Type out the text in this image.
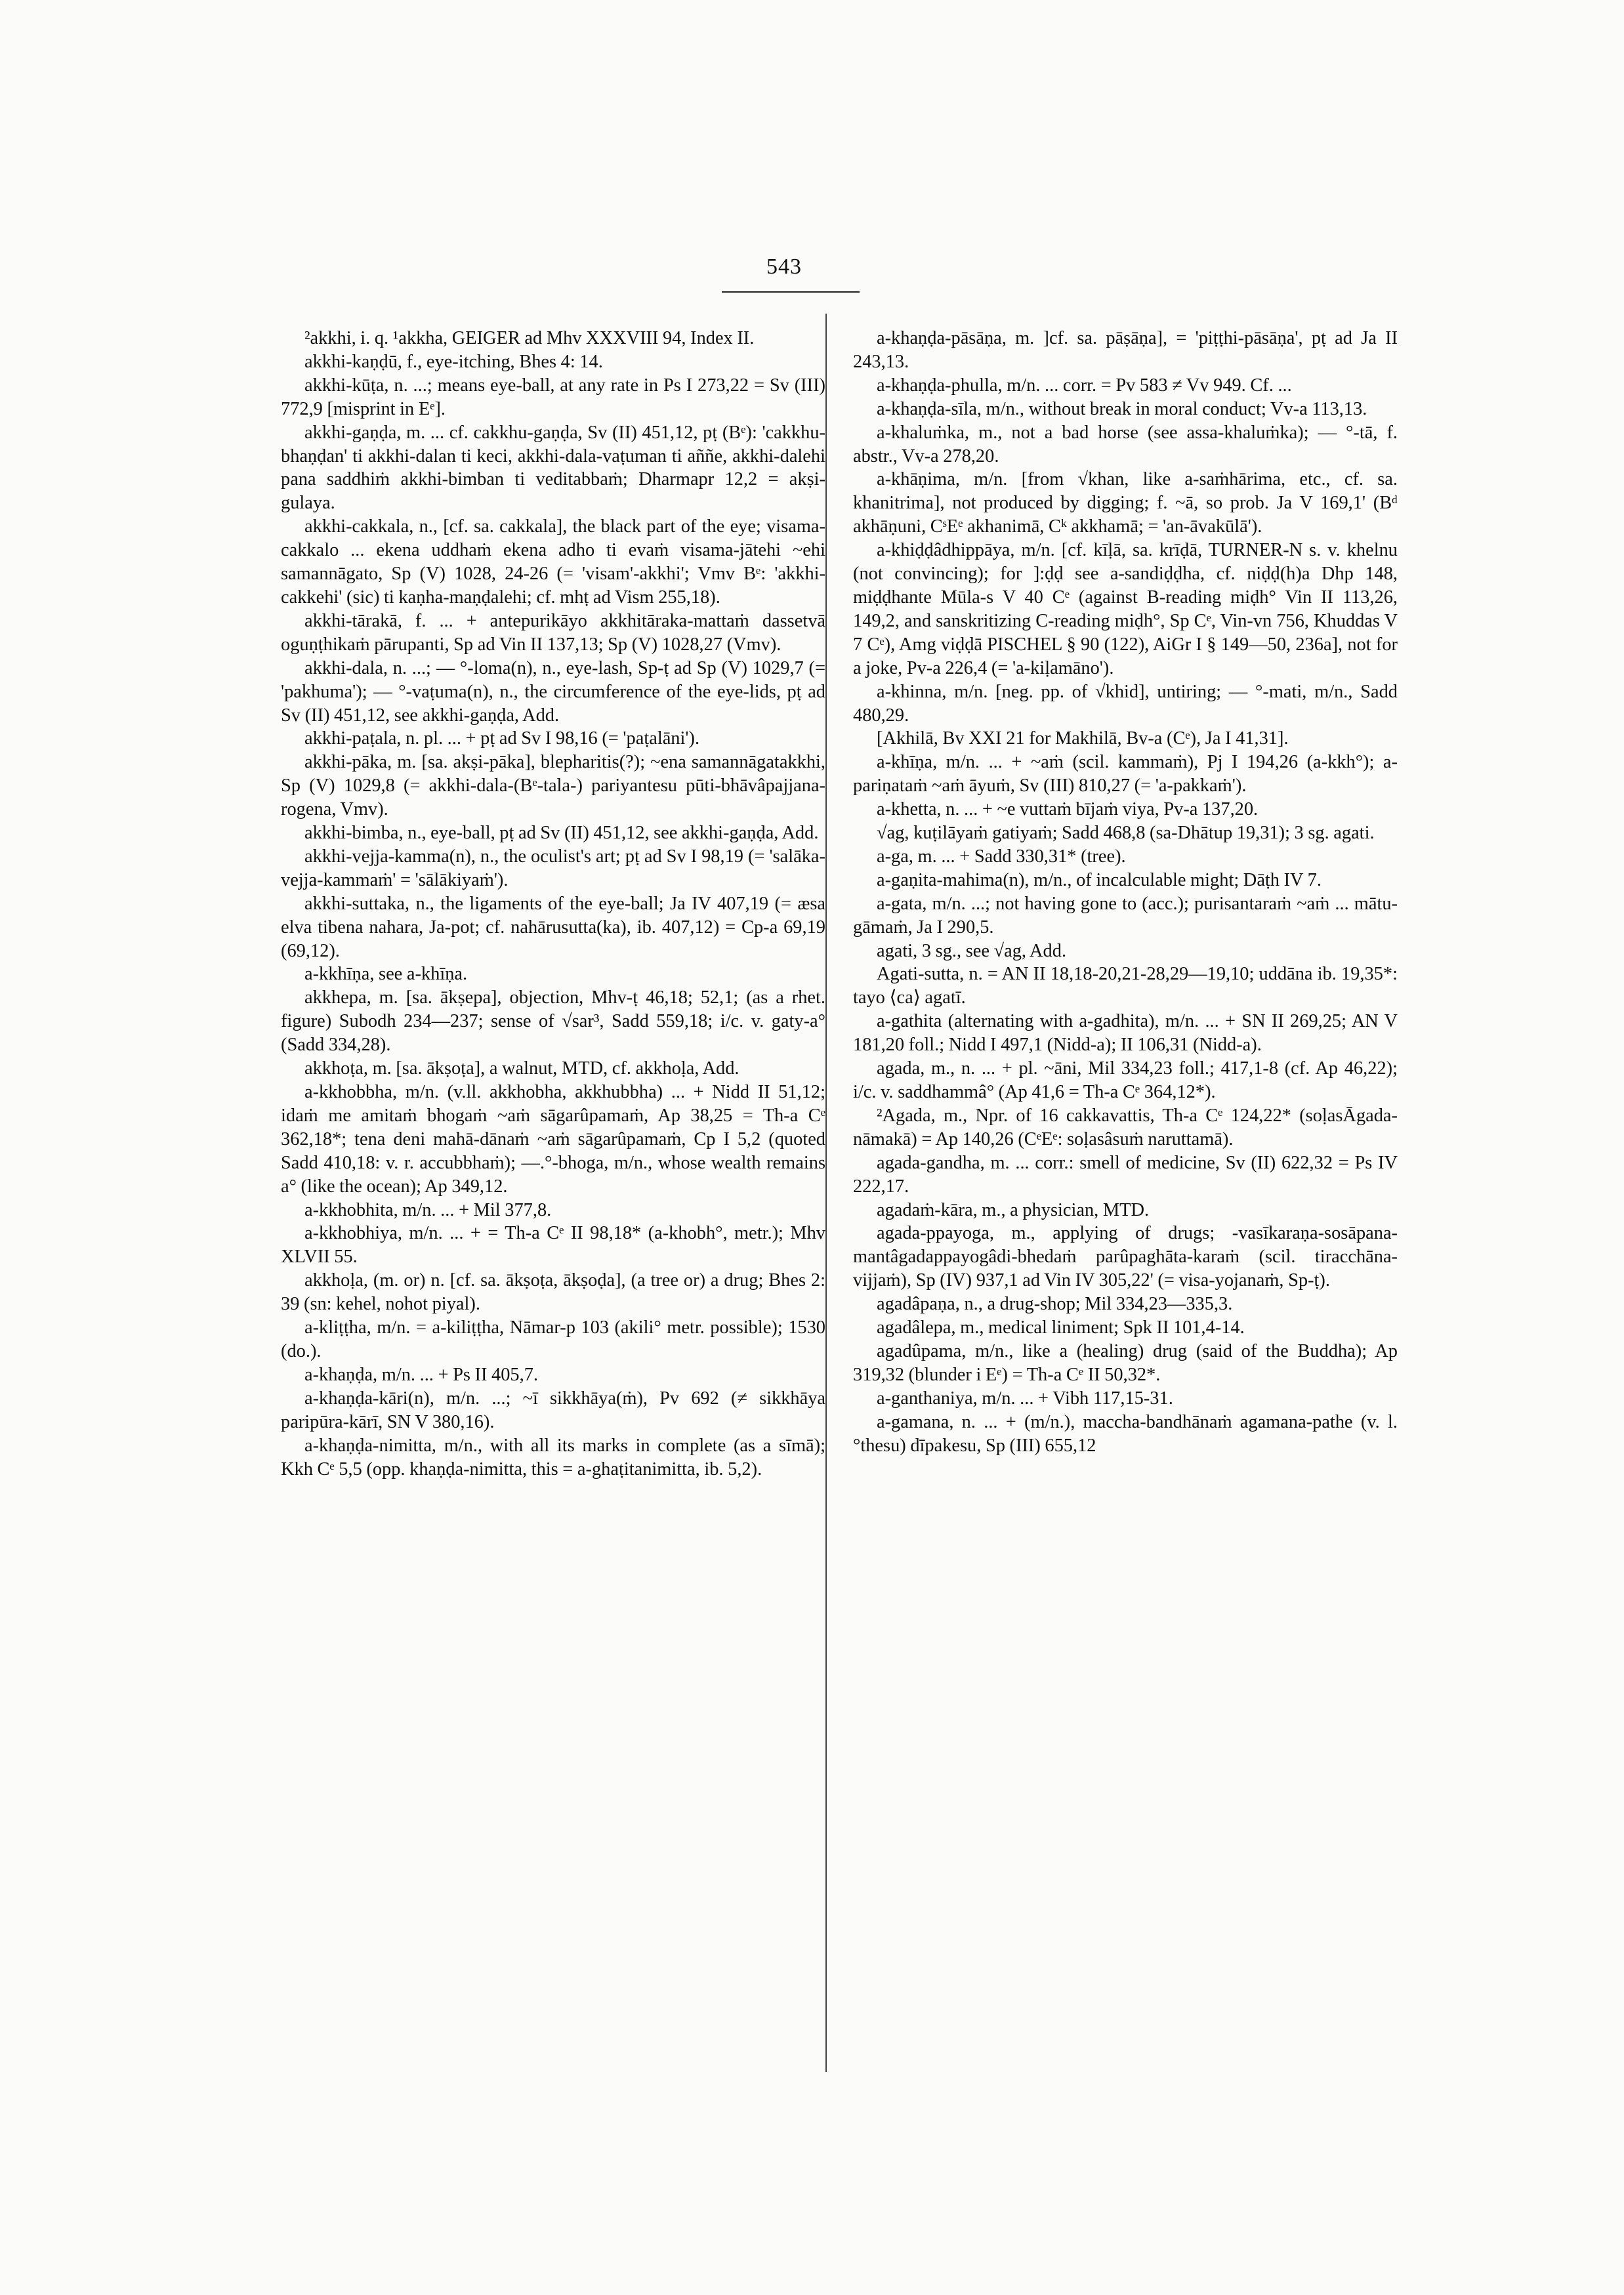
543

²akkhi, i. q. ¹akkha, GEIGER ad Mhv XXXVIII 94, Index II.

akkhi-kaṇḍū, f., eye-itching, Bhes 4: 14.

akkhi-kūṭa, n. ...; means eye-ball, at any rate in Ps I 273,22 = Sv (III) 772,9 [misprint in Eᵉ].

akkhi-gaṇḍa, m. ... cf. cakkhu-gaṇḍa, Sv (II) 451,12, pṭ (Bᵉ): 'cakkhu-bhaṇḍan' ti akkhi-dalan ti keci, akkhi-dala-vaṭuman ti aññe, akkhi-dalehi pana saddhiṁ akkhi-bimban ti veditabbaṁ; Dharmapr 12,2 = akṣi-gulaya.

akkhi-cakkala, n., [cf. sa. cakkala], the black part of the eye; visama-cakkalo ... ekena uddhaṁ ekena adho ti evaṁ visama-jātehi ~ehi samannāgato, Sp (V) 1028, 24-26 (= 'visam'-akkhi'; Vmv Bᵉ: 'akkhi-cakkehi' (sic) ti kaṇha-maṇḍalehi; cf. mhṭ ad Vism 255,18).

akkhi-tārakā, f. ... + antepurikāyo akkhitāraka-mattaṁ dassetvā oguṇṭhikaṁ pārupanti, Sp ad Vin II 137,13; Sp (V) 1028,27 (Vmv).

akkhi-dala, n. ...; — °-loma(n), n., eye-lash, Sp-ṭ ad Sp (V) 1029,7 (= 'pakhuma'); — °-vaṭuma(n), n., the circumference of the eye-lids, pṭ ad Sv (II) 451,12, see akkhi-gaṇḍa, Add.

akkhi-paṭala, n. pl. ... + pṭ ad Sv I 98,16 (= 'paṭalāni').

akkhi-pāka, m. [sa. akṣi-pāka], blepharitis(?); ~ena samannāgatakkhi, Sp (V) 1029,8 (= akkhi-dala-(Bᵉ-tala-) pariyantesu pūti-bhāvâpajjana-rogena, Vmv).

akkhi-bimba, n., eye-ball, pṭ ad Sv (II) 451,12, see akkhi-gaṇḍa, Add.

akkhi-vejja-kamma(n), n., the oculist's art; pṭ ad Sv I 98,19 (= 'salāka-vejja-kammaṁ' = 'sālākiyaṁ').

akkhi-suttaka, n., the ligaments of the eye-ball; Ja IV 407,19 (= æsa elva tibena nahara, Ja-pot; cf. nahārusutta(ka), ib. 407,12) = Cp-a 69,19 (69,12).

a-kkhīṇa, see a-khīṇa.

akkhepa, m. [sa. ākṣepa], objection, Mhv-ṭ 46,18; 52,1; (as a rhet. figure) Subodh 234—237; sense of √sar³, Sadd 559,18; i/c. v. gaty-a° (Sadd 334,28).

akkhoṭa, m. [sa. ākṣoṭa], a walnut, MTD, cf. akkhoḷa, Add.

a-kkhobbha, m/n. (v.ll. akkhobha, akkhubbha) ... + Nidd II 51,12; idaṁ me amitaṁ bhogaṁ ~aṁ sāgarûpamaṁ, Ap 38,25 = Th-a Cᵉ 362,18*; tena deni mahā-dānaṁ ~aṁ sāgarûpamaṁ, Cp I 5,2 (quoted Sadd 410,18: v. r. accubbhaṁ); —.°-bhoga, m/n., whose wealth remains a° (like the ocean); Ap 349,12.

a-kkhobhita, m/n. ... + Mil 377,8.

a-kkhobhiya, m/n. ... + = Th-a Cᵉ II 98,18* (a-khobh°, metr.); Mhv XLVII 55.

akkhoḷa, (m. or) n. [cf. sa. ākṣoṭa, ākṣoḍa], (a tree or) a drug; Bhes 2: 39 (sn: kehel, nohot piyal).

a-kliṭṭha, m/n. = a-kiliṭṭha, Nāmar-p 103 (akili° metr. possible); 1530 (do.).

a-khaṇḍa, m/n. ... + Ps II 405,7.

a-khaṇḍa-kāri(n), m/n. ...; ~ī sikkhāya(ṁ), Pv 692 (≠ sikkhāya paripūra-kārī, SN V 380,16).

a-khaṇḍa-nimitta, m/n., with all its marks in complete (as a sīmā); Kkh Cᵉ 5,5 (opp. khaṇḍa-nimitta, this = a-ghaṭitanimitta, ib. 5,2).

a-khaṇḍa-pāsāṇa, m. ]cf. sa. pāṣāṇa], = 'piṭṭhi-pāsāṇa', pṭ ad Ja II 243,13.

a-khaṇḍa-phulla, m/n. ... corr. = Pv 583 ≠ Vv 949. Cf. ...

a-khaṇḍa-sīla, m/n., without break in moral conduct; Vv-a 113,13.

a-khaluṁka, m., not a bad horse (see assa-khaluṁka); — °-tā, f. abstr., Vv-a 278,20.

a-khāṇima, m/n. [from √khan, like a-saṁhārima, etc., cf. sa. khanitrima], not produced by digging; f. ~ā, so prob. Ja V 169,1' (Bᵈ akhāṇuni, CˢEᵉ akhanimā, Cᵏ akkhamā; = 'an-āvakūlā').

a-khiḍḍâdhippāya, m/n. [cf. kīḷā, sa. krīḍā, TURNER-N s. v. khelnu (not convincing); for ]:ḍḍ see a-sandiḍḍha, cf. niḍḍ(h)a Dhp 148, miḍḍhante Mūla-s V 40 Cᵉ (against B-reading miḍh° Vin II 113,26, 149,2, and sanskritizing C-reading miḍh°, Sp Cᵉ, Vin-vn 756, Khuddas V 7 Cᵉ), Amg viḍḍā PISCHEL § 90 (122), AiGr I § 149—50, 236a], not for a joke, Pv-a 226,4 (= 'a-kiḷamāno').

a-khinna, m/n. [neg. pp. of √khid], untiring; — °-mati, m/n., Sadd 480,29.

[Akhilā, Bv XXI 21 for Makhilā, Bv-a (Cᵉ), Ja I 41,31].

a-khīṇa, m/n. ... + ~aṁ (scil. kammaṁ), Pj I 194,26 (a-kkh°); a-pariṇataṁ ~aṁ āyuṁ, Sv (III) 810,27 (= 'a-pakkaṁ').

a-khetta, n. ... + ~e vuttaṁ bījaṁ viya, Pv-a 137,20.

√ag, kuṭilāyaṁ gatiyaṁ; Sadd 468,8 (sa-Dhātup 19,31); 3 sg. agati.

a-ga, m. ... + Sadd 330,31* (tree).

a-gaṇita-mahima(n), m/n., of incalculable might; Dāṭh IV 7.

a-gata, m/n. ...; not having gone to (acc.); purisantaraṁ ~aṁ ... mātu-gāmaṁ, Ja I 290,5.

agati, 3 sg., see √ag, Add.

Agati-sutta, n. = AN II 18,18-20,21-28,29—19,10; uddāna ib. 19,35*: tayo ⟨ca⟩ agatī.

a-gathita (alternating with a-gadhita), m/n. ... + SN II 269,25; AN V 181,20 foll.; Nidd I 497,1 (Nidd-a); II 106,31 (Nidd-a).

agada, m., n. ... + pl. ~āni, Mil 334,23 foll.; 417,1-8 (cf. Ap 46,22); i/c. v. saddhammâ° (Ap 41,6 = Th-a Cᵉ 364,12*).

²Agada, m., Npr. of 16 cakkavattis, Th-a Cᵉ 124,22* (soḷasĀgada-nāmakā) = Ap 140,26 (CᵉEᵉ: soḷasâsuṁ naruttamā).

agada-gandha, m. ... corr.: smell of medicine, Sv (II) 622,32 = Ps IV 222,17.

agadaṁ-kāra, m., a physician, MTD.

agada-ppayoga, m., applying of drugs; -vasīkaraṇa-sosāpana-mantâgadappayogâdi-bhedaṁ parûpaghāta-karaṁ (scil. tiracchāna-vijjaṁ), Sp (IV) 937,1 ad Vin IV 305,22' (= visa-yojanaṁ, Sp-ṭ).

agadâpaṇa, n., a drug-shop; Mil 334,23—335,3.

agadâlepa, m., medical liniment; Spk II 101,4-14.

agadûpama, m/n., like a (healing) drug (said of the Buddha); Ap 319,32 (blunder i Eᵉ) = Th-a Cᵉ II 50,32*.

a-ganthaniya, m/n. ... + Vibh 117,15-31.

a-gamana, n. ... + (m/n.), maccha-bandhānaṁ agamana-pathe (v. l. °thesu) dīpakesu, Sp (III) 655,12
